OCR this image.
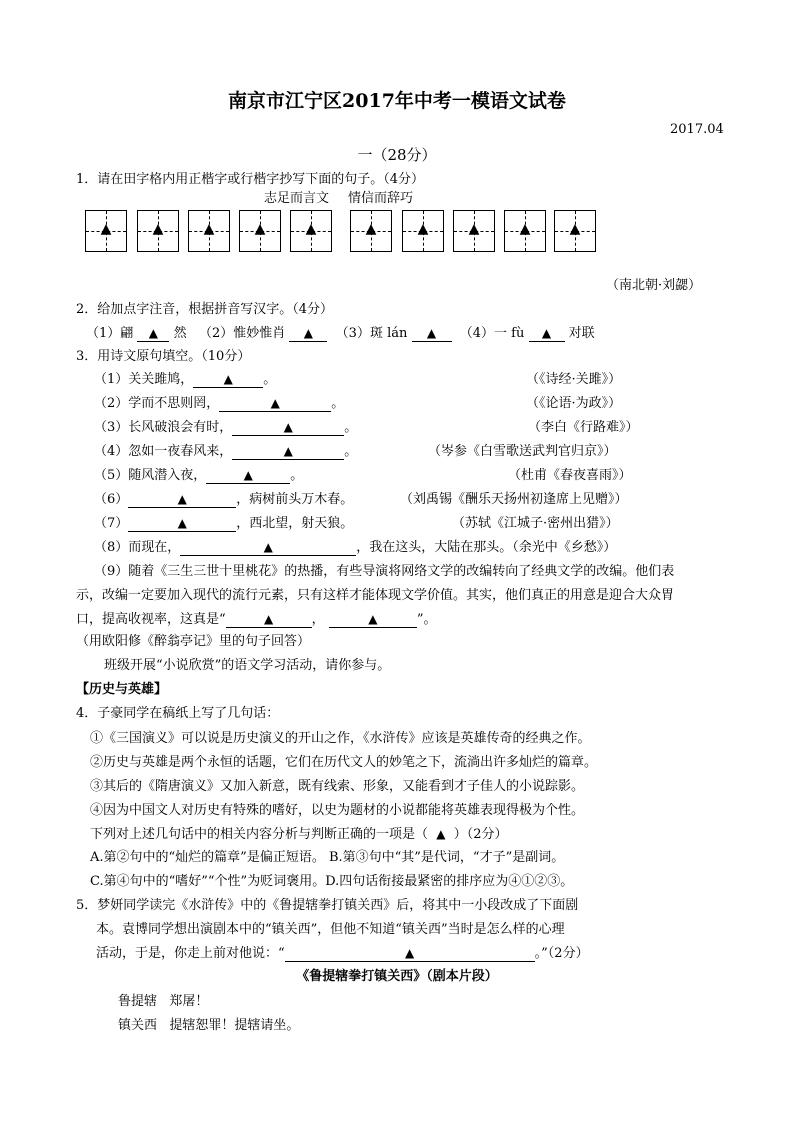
南京市江宁区2017年中考一模语文试卷
2017.04
一（28分）
1．请在田字格内用正楷字或行楷字抄写下面的句子。（4分）
志足而言文 情信而辞巧
▲	▲	▲	▲	▲	▲	▲	▲	▲	▲
（南北朝·刘勰）
2．给加点字注音，根据拼音写汉字。（4分）
（1）翩 ▲ 然 （2）惟妙惟肖 ▲ （3）斑 lán ▲ （4）一 fù ▲ 对联
3．用诗文原句填空。（10分）
（1）关关雎鸠，	▲ 。	（《诗经·关雎》）
（2）学而不思则罔，	▲	。	（《论语·为政》）
（3）长风破浪会有时，	▲	。	（李白《行路难》）
（4）忽如一夜春风来，	▲	。	（岑参《白雪歌送武判官归京》）
（5）随风潜入夜，	▲	。	（杜甫《春夜喜雨》）
（6）	▲	，病树前头万木春。	（刘禹锡《酬乐天扬州初逢席上见赠》）
（7）	▲	，西北望，射天狼。	（苏轼《江城子·密州出猎》）
（8）而现在，	▲	，我在这头，大陆在那头。（余光中《乡愁》）
（9）随着《三生三世十里桃花》的热播，有些导演将网络文学的改编转向了经典文学的改编。他们表
示，改编一定要加入现代的流行元素，只有这样才能体现文学价值。其实，他们真正的用意是迎合大众胃
口，提高收视率，这真是“	▲	，	▲	”。
（用欧阳修《醉翁亭记》里的句子回答）
班级开展“小说欣赏”的语文学习活动，请你参与。
【历史与英雄】
4．子豪同学在稿纸上写了几句话：
①《三国演义》可以说是历史演义的开山之作，《水浒传》应该是英雄传奇的经典之作。
②历史与英雄是两个永恒的话题，它们在历代文人的妙笔之下，流淌出许多灿烂的篇章。
③其后的《隋唐演义》又加入新意，既有线索、形象，又能看到才子佳人的小说踪影。
④因为中国文人对历史有特殊的嗜好，以史为题材的小说都能将英雄表现得极为个性。
下列对上述几句话中的相关内容分析与判断正确的一项是（ ▲ ）（2分）
A.第②句中的“灿烂的篇章”是偏正短语。 B.第③句中“其”是代词，“才子”是副词。
C.第④句中的“嗜好”“个性”为贬词褒用。D.四句话衔接最紧密的排序应为④①②③。
5．梦妍同学读完《水浒传》中的《鲁提辖拳打镇关西》后，将其中一小段改成了下面剧
本。袁博同学想出演剧本中的“镇关西”，但他不知道“镇关西”当时是怎么样的心理
活动，于是，你走上前对他说：“	▲	。”（2分）
《鲁提辖拳打镇关西》（剧本片段）
鲁提辖 郑屠！
镇关西 提辖恕罪！提辖请坐。
